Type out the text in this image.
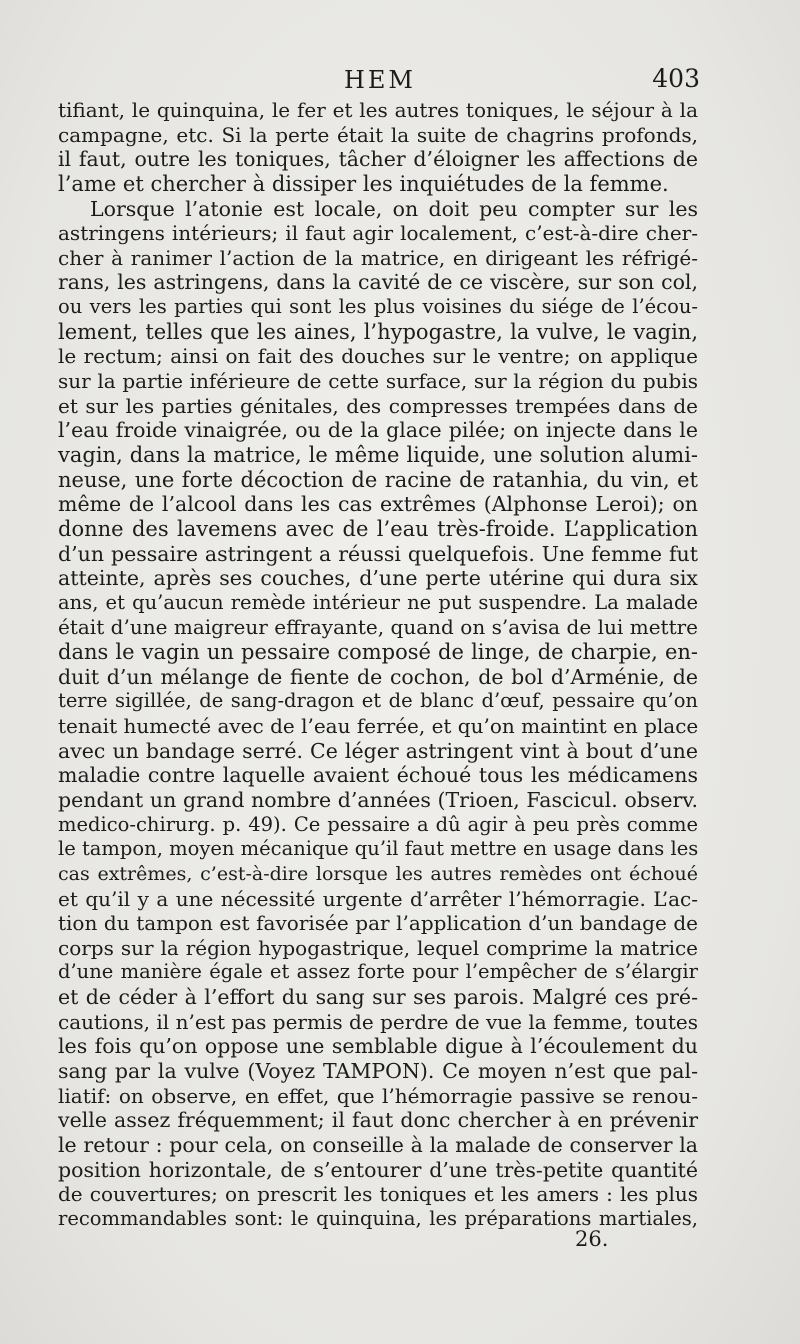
HEM	403
tifiant, le quinquina, le fer et les autres toniques, le séjour à la
campagne, etc. Si la perte était la suite de chagrins profonds,
il faut, outre les toniques, tâcher d’éloigner les affections de
l’ame et chercher à dissiper les inquiétudes de la femme.
Lorsque l’atonie est locale, on doit peu compter sur les
astringens intérieurs; il faut agir localement, c’est-à-dire cher-
cher à ranimer l’action de la matrice, en dirigeant les réfrigé-
rans, les astringens, dans la cavité de ce viscère, sur son col,
ou vers les parties qui sont les plus voisines du siége de l’écou-
lement, telles que les aines, l’hypogastre, la vulve, le vagin,
le rectum; ainsi on fait des douches sur le ventre; on applique
sur la partie inférieure de cette surface, sur la région du pubis
et sur les parties génitales, des compresses trempées dans de
l’eau froide vinaigrée, ou de la glace pilée; on injecte dans le
vagin, dans la matrice, le même liquide, une solution alumi-
neuse, une forte décoction de racine de ratanhia, du vin, et
même de l’alcool dans les cas extrêmes (Alphonse Leroi); on
donne des lavemens avec de l’eau très-froide. L’application
d’un pessaire astringent a réussi quelquefois. Une femme fut
atteinte, après ses couches, d’une perte utérine qui dura six
ans, et qu’aucun remède intérieur ne put suspendre. La malade
était d’une maigreur effrayante, quand on s’avisa de lui mettre
dans le vagin un pessaire composé de linge, de charpie, en-
duit d’un mélange de fiente de cochon, de bol d’Arménie, de
terre sigillée, de sang-dragon et de blanc d’œuf, pessaire qu’on
tenait humecté avec de l’eau ferrée, et qu’on maintint en place
avec un bandage serré. Ce léger astringent vint à bout d’une
maladie contre laquelle avaient échoué tous les médicamens
pendant un grand nombre d’années (Trioen, Fascicul. observ.
medico-chirurg. p. 49). Ce pessaire a dû agir à peu près comme
le tampon, moyen mécanique qu’il faut mettre en usage dans les
cas extrêmes, c’est-à-dire lorsque les autres remèdes ont échoué
et qu’il y a une nécessité urgente d’arrêter l’hémorragie. L’ac-
tion du tampon est favorisée par l’application d’un bandage de
corps sur la région hypogastrique, lequel comprime la matrice
d’une manière égale et assez forte pour l’empêcher de s’élargir
et de céder à l’effort du sang sur ses parois. Malgré ces pré-
cautions, il n’est pas permis de perdre de vue la femme, toutes
les fois qu’on oppose une semblable digue à l’écoulement du
sang par la vulve (Voyez TAMPON). Ce moyen n’est que pal-
liatif: on observe, en effet, que l’hémorragie passive se renou-
velle assez fréquemment; il faut donc chercher à en prévenir
le retour : pour cela, on conseille à la malade de conserver la
position horizontale, de s’entourer d’une très-petite quantité
de couvertures; on prescrit les toniques et les amers : les plus
recommandables sont: le quinquina, les préparations martiales,
26.
